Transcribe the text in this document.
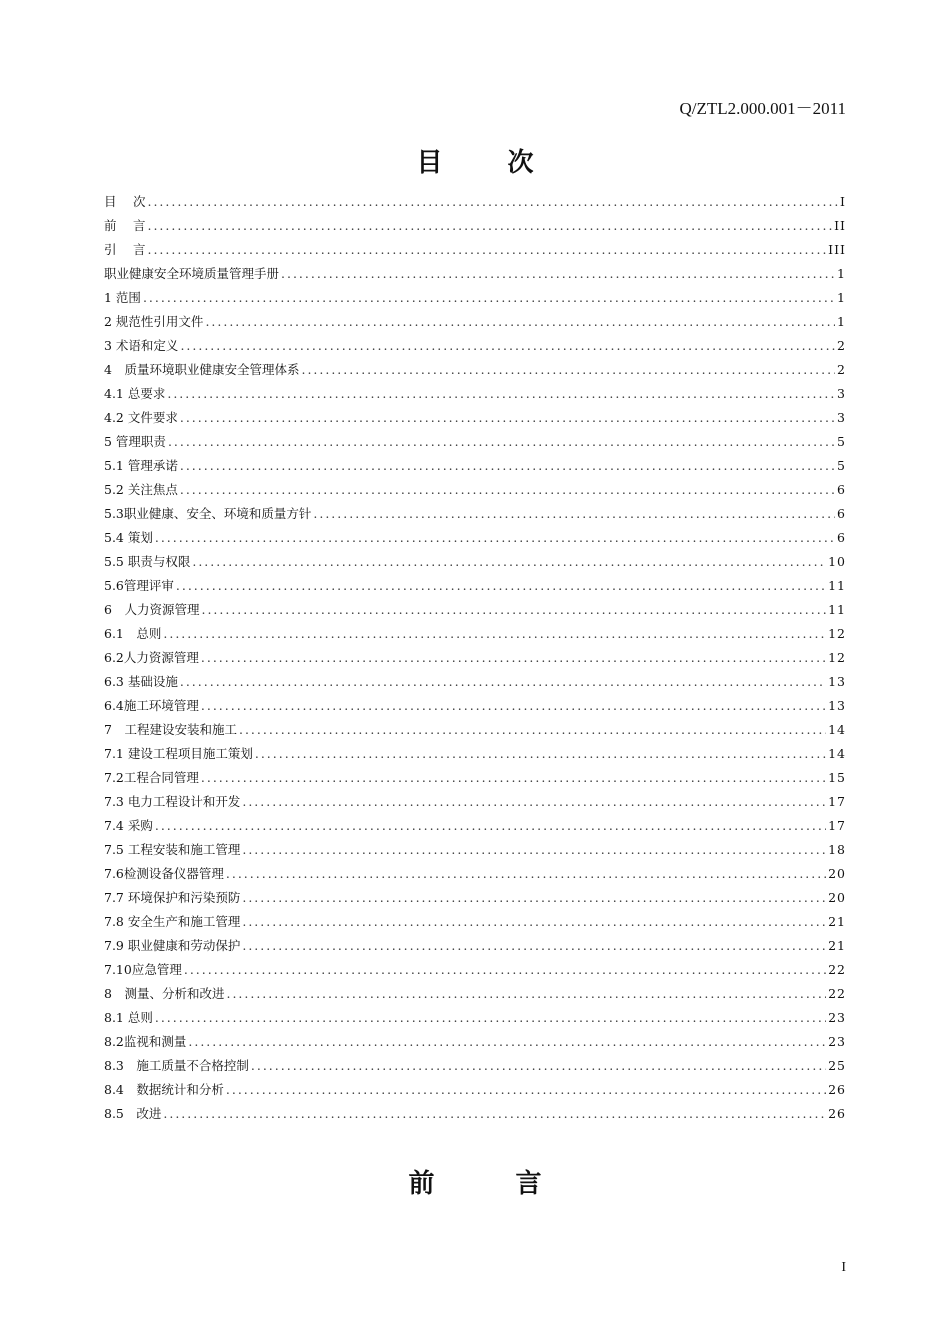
Q/ZTL2.000.001－2011
目 次
目　 次 .....	I
前　 言 .....	II
引　 言 .....	III
职业健康安全环境质量管理手册 .....	1
1 范围 .....	1
2 规范性引用文件 .....	1
3 术语和定义 .....	2
4　质量环境职业健康安全管理体系 .....	2
4.1 总要求 .....	3
4.2 文件要求 .....	3
5 管理职责 .....	5
5.1 管理承诺 .....	5
5.2 关注焦点 .....	6
5.3职业健康、安全、环境和质量方针 .....	6
5.4 策划 .....	6
5.5 职责与权限 .....	10
5.6管理评审 .....	11
6　人力资源管理 .....	11
6.1　总则 .....	12
6.2人力资源管理 .....	12
6.3 基础设施 .....	13
6.4施工环境管理 .....	13
7　工程建设安装和施工 .....	14
7.1 建设工程项目施工策划 .....	14
7.2工程合同管理 .....	15
7.3 电力工程设计和开发 .....	17
7.4 采购 .....	17
7.5 工程安装和施工管理 .....	18
7.6检测设备仪器管理 .....	20
7.7 环境保护和污染预防 .....	20
7.8 安全生产和施工管理 .....	21
7.9 职业健康和劳动保护 .....	21
7.10应急管理 .....	22
8　测量、分析和改进 .....	22
8.1 总则 .....	23
8.2监视和测量 .....	23
8.3　施工质量不合格控制 .....	25
8.4　数据统计和分析 .....	26
8.5　改进 .....	26
前 言
I
